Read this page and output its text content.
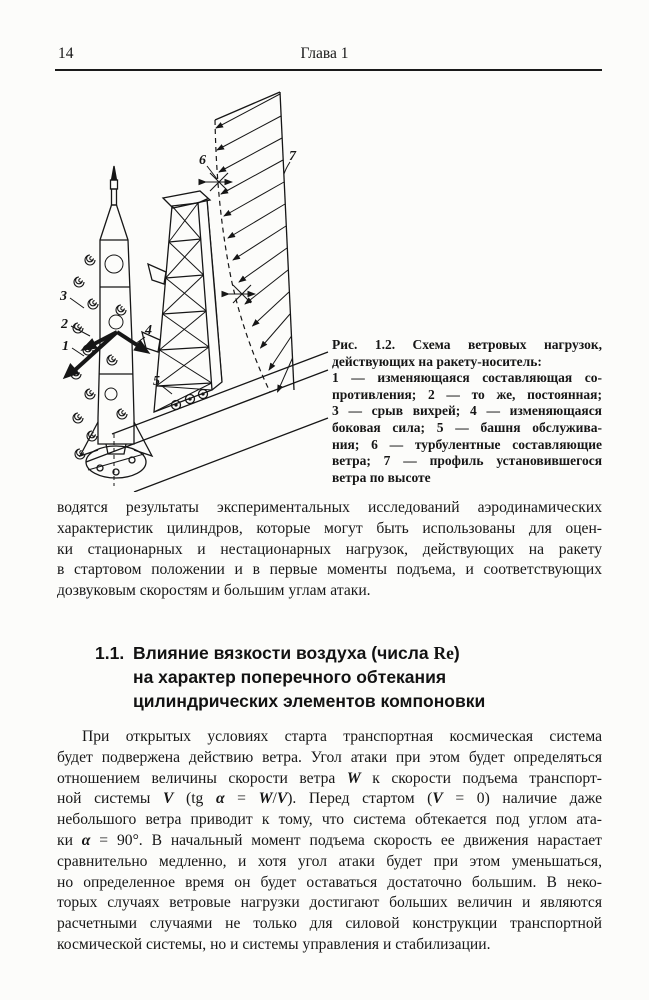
14	Глава 1
1
2
3
4
5
6	7
Рис. 1.2. Схема ветровых нагрузок,
действующих на ракету-носитель:
1 — изменяющаяся составляющая со-
противления; 2 — то же, постоянная;
3 — срыв вихрей; 4 — изменяющаяся
боковая сила; 5 — башня обслужива-
ния; 6 — турбулентные составляющие
ветра; 7 — профиль установившегося
ветра по высоте
водятся результаты экспериментальных исследований аэродинамических
характеристик цилиндров, которые могут быть использованы для оцен-
ки стационарных и нестационарных нагрузок, действующих на ракету
в стартовом положении и в первые моменты подъема, и соответствующих
дозвуковым скоростям и большим углам атаки.
1.1. Влияние вязкости воздуха (числа Re)
на характер поперечного обтекания
цилиндрических элементов компоновки
При открытых условиях старта транспортная космическая система
будет подвержена действию ветра. Угол атаки при этом будет определяться
отношением величины скорости ветра W к скорости подъема транспорт-
ной системы V (tg α = W/V). Перед стартом (V = 0) наличие даже
небольшого ветра приводит к тому, что система обтекается под углом ата-
ки α = 90°. В начальный момент подъема скорость ее движения нарастает
сравнительно медленно, и хотя угол атаки будет при этом уменьшаться,
но определенное время он будет оставаться достаточно большим. В неко-
торых случаях ветровые нагрузки достигают больших величин и являются
расчетными случаями не только для силовой конструкции транспортной
космической системы, но и системы управления и стабилизации.
